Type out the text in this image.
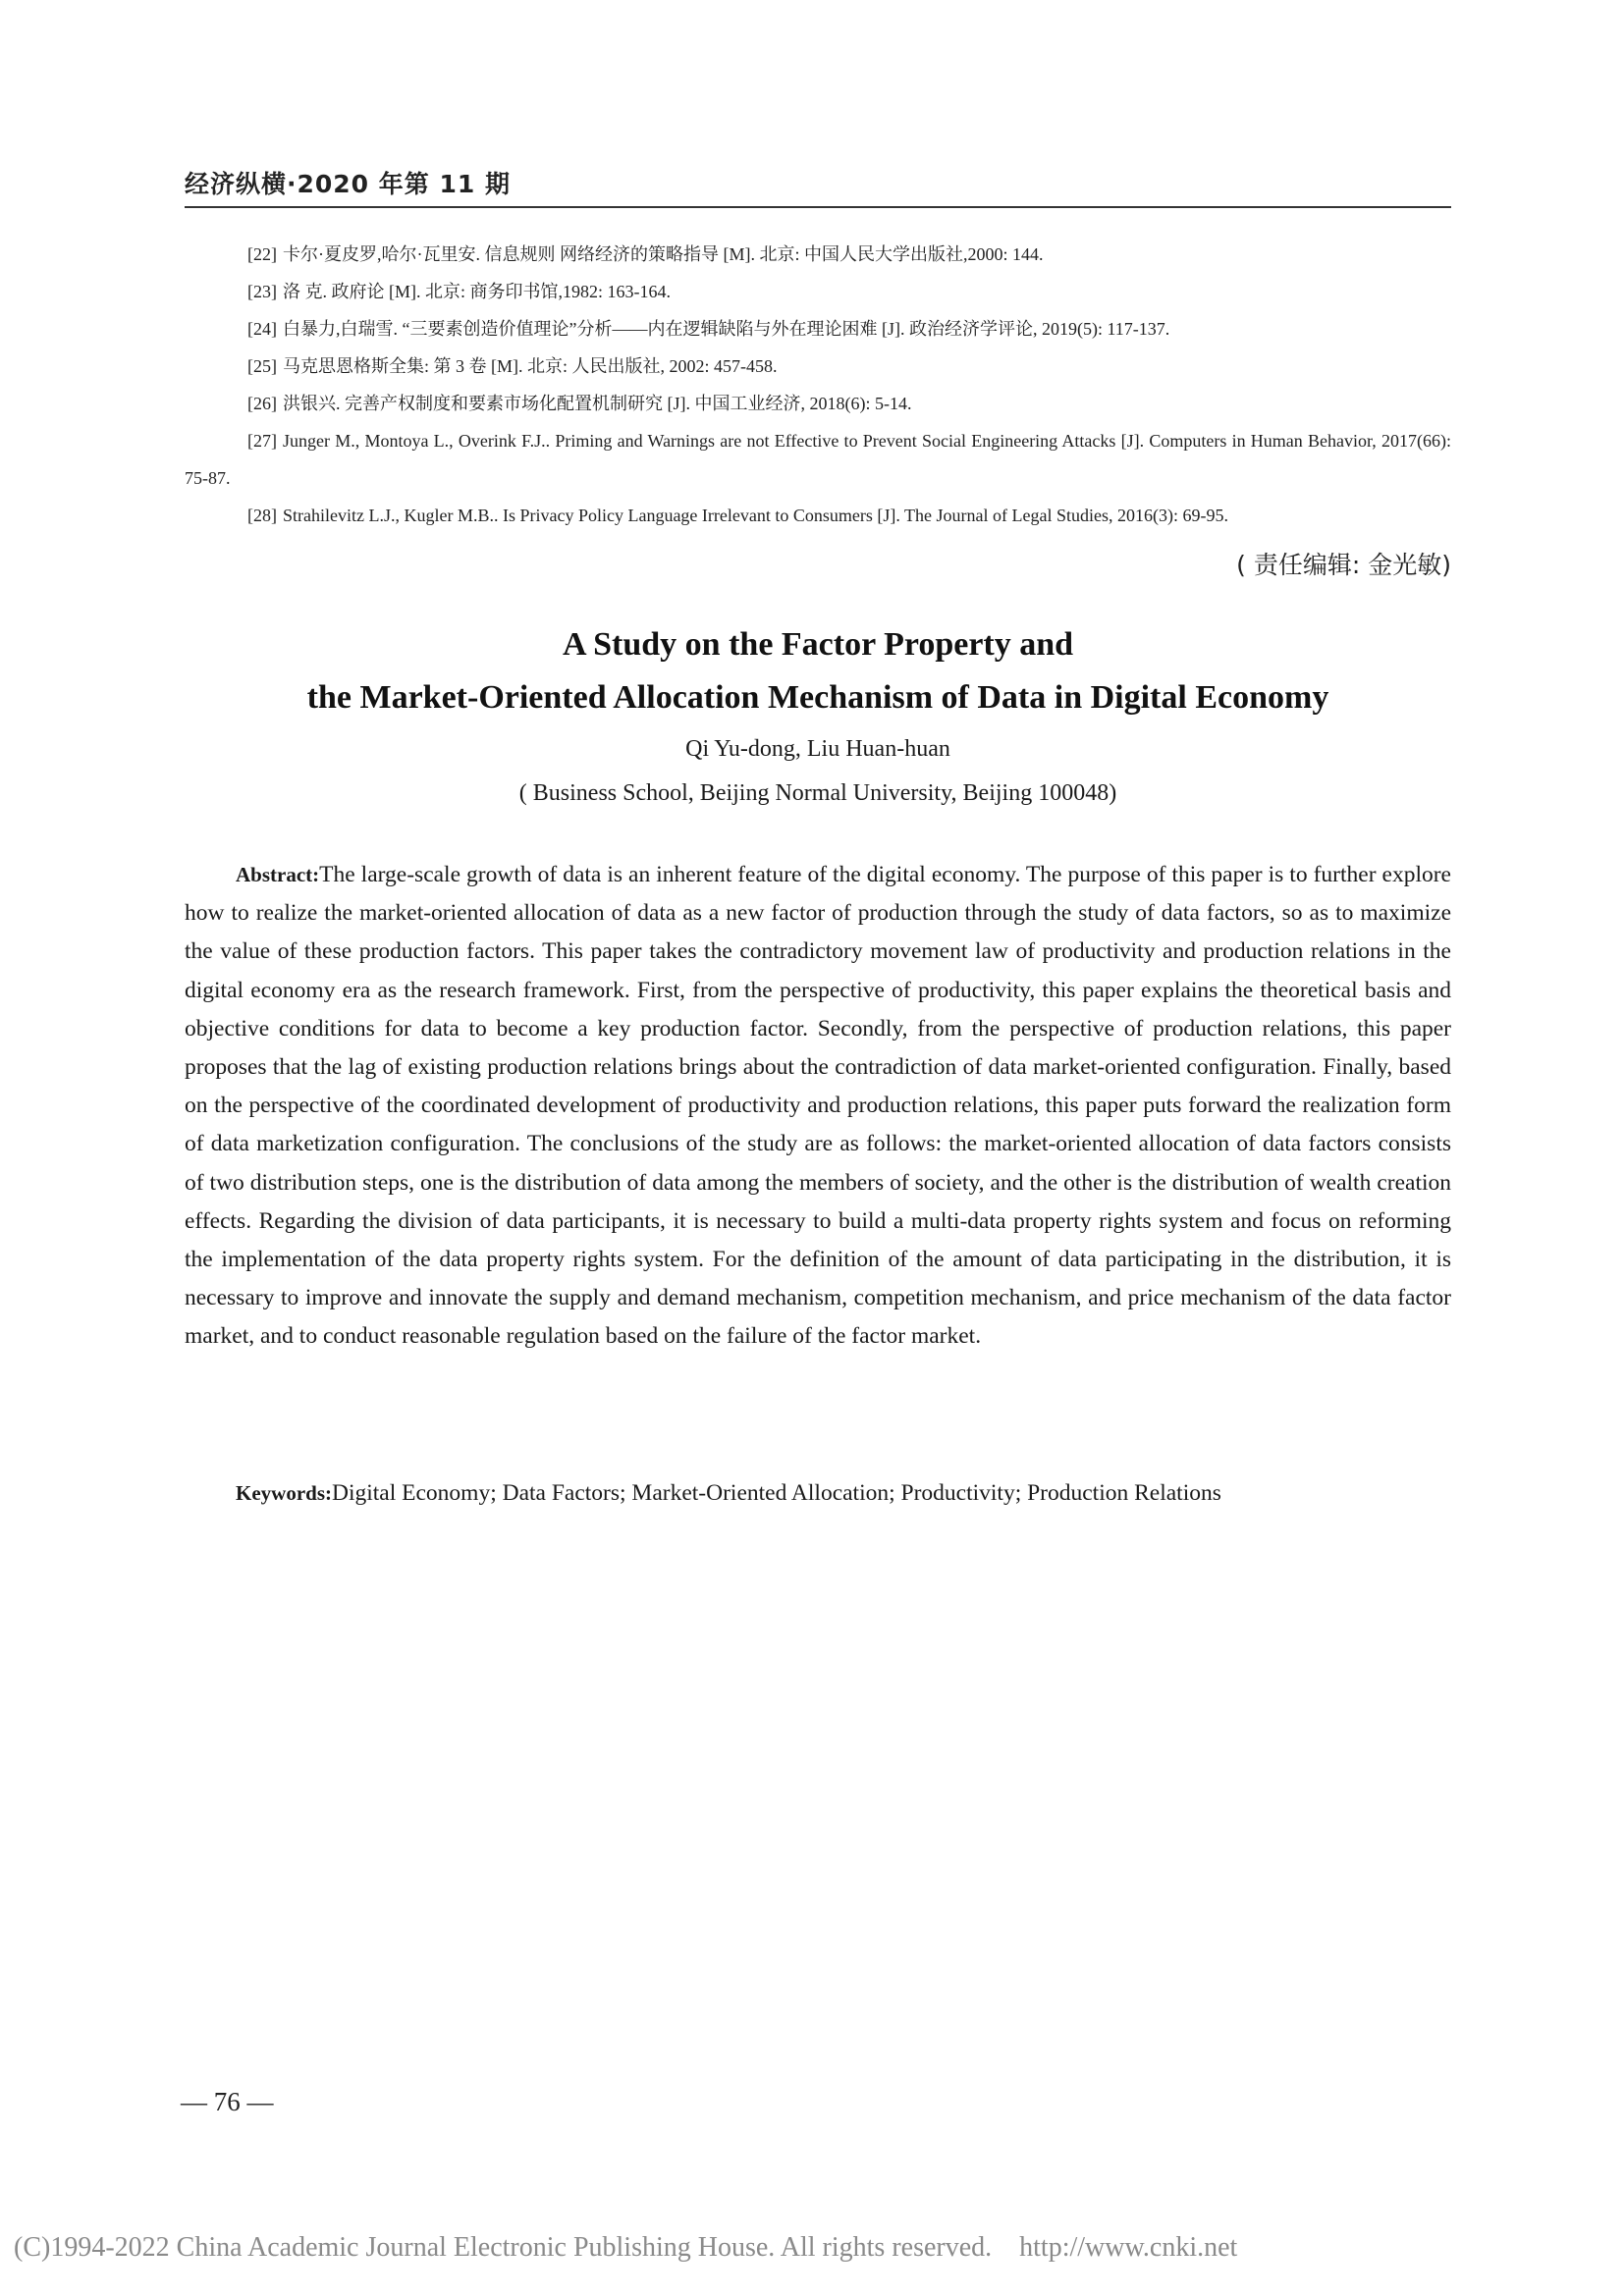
经济纵横·2020 年第 11 期

[22] 卡尔·夏皮罗,哈尔·瓦里安. 信息规则 网络经济的策略指导 [M]. 北京: 中国人民大学出版社,2000: 144.

[23] 洛 克. 政府论 [M]. 北京: 商务印书馆,1982: 163-164.

[24] 白暴力,白瑞雪. “三要素创造价值理论”分析——内在逻辑缺陷与外在理论困难 [J]. 政治经济学评论, 2019(5): 117-137.

[25] 马克思恩格斯全集: 第 3 卷 [M]. 北京: 人民出版社, 2002: 457-458.

[26] 洪银兴. 完善产权制度和要素市场化配置机制研究 [J]. 中国工业经济, 2018(6): 5-14.

[27] Junger M., Montoya L., Overink F.J.. Priming and Warnings are not Effective to Prevent Social Engineering Attacks [J]. Computers in Human Behavior, 2017(66): 75-87.

[28] Strahilevitz L.J., Kugler M.B.. Is Privacy Policy Language Irrelevant to Consumers [J]. The Journal of Legal Studies, 2016(3): 69-95.

( 责任编辑: 金光敏)

A Study on the Factor Property and

the Market-Oriented Allocation Mechanism of Data in Digital Economy

Qi Yu-dong, Liu Huan-huan

( Business School, Beijing Normal University, Beijing 100048)

Abstract:The large-scale growth of data is an inherent feature of the digital economy. The purpose of this paper is to further explore how to realize the market-oriented allocation of data as a new factor of production through the study of data factors, so as to maximize the value of these production factors. This paper takes the contradictory movement law of productivity and production relations in the digital economy era as the research framework. First, from the perspective of productivity, this paper explains the theoretical basis and objective conditions for data to become a key production factor. Secondly, from the perspective of production relations, this paper proposes that the lag of existing production relations brings about the contradiction of data market-oriented configuration. Finally, based on the perspective of the coordinated development of productivity and production relations, this paper puts forward the realization form of data marketization configuration. The conclusions of the study are as follows: the market-oriented allocation of data factors consists of two distribution steps, one is the distribution of data among the members of society, and the other is the distribution of wealth creation effects. Regarding the division of data participants, it is necessary to build a multi-data property rights system and focus on reforming the implementation of the data property rights system. For the definition of the amount of data participating in the distribution, it is necessary to improve and innovate the supply and demand mechanism, competition mechanism, and price mechanism of the data factor market, and to conduct reasonable regulation based on the failure of the factor market.

Keywords:Digital Economy; Data Factors; Market-Oriented Allocation; Productivity; Production Relations

— 76 —
(C)1994-2022 China Academic Journal Electronic Publishing House. All rights reserved. http://www.cnki.net
